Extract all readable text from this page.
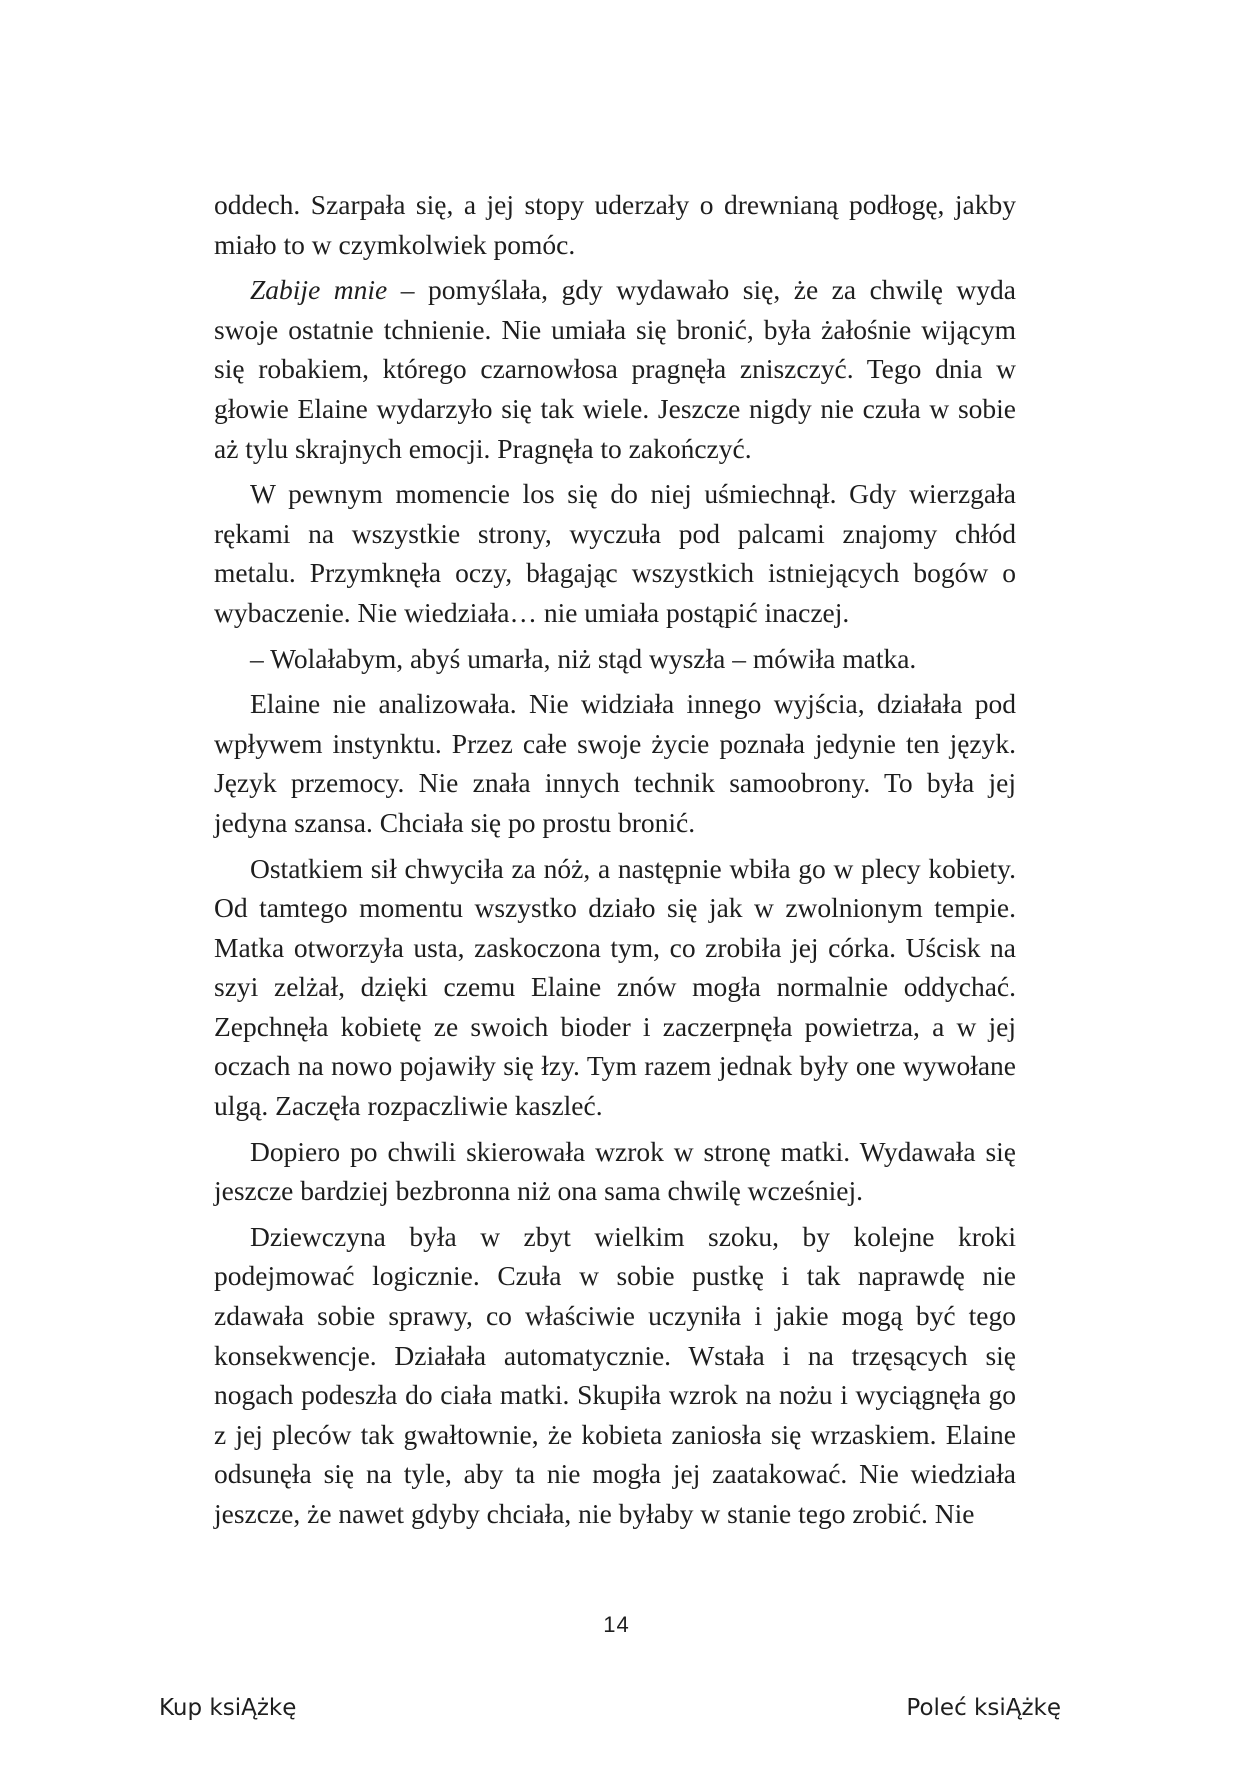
oddech. Szarpała się, a jej stopy uderzały o drewnianą podłogę, jakby miało to w czymkolwiek pomóc.

Zabije mnie – pomyślała, gdy wydawało się, że za chwilę wyda swoje ostatnie tchnienie. Nie umiała się bronić, była żałośnie wijącym się robakiem, którego czarnowłosa pragnęła zniszczyć. Tego dnia w głowie Elaine wydarzyło się tak wiele. Jeszcze nigdy nie czuła w sobie aż tylu skrajnych emocji. Pragnęła to zakończyć.

W pewnym momencie los się do niej uśmiechnął. Gdy wierzgała rękami na wszystkie strony, wyczuła pod palcami znajomy chłód metalu. Przymknęła oczy, błagając wszystkich istniejących bogów o wybaczenie. Nie wiedziała… nie umiała postąpić inaczej.

– Wolałabym, abyś umarła, niż stąd wyszła – mówiła matka.

Elaine nie analizowała. Nie widziała innego wyjścia, działała pod wpływem instynktu. Przez całe swoje życie poznała jedynie ten język. Język przemocy. Nie znała innych technik samoobrony. To była jej jedyna szansa. Chciała się po prostu bronić.

Ostatkiem sił chwyciła za nóż, a następnie wbiła go w plecy kobiety. Od tamtego momentu wszystko działo się jak w zwolnionym tempie. Matka otworzyła usta, zaskoczona tym, co zrobiła jej córka. Uścisk na szyi zelżał, dzięki czemu Elaine znów mogła normalnie oddychać. Zepchnęła kobietę ze swoich bioder i zaczerpnęła powietrza, a w jej oczach na nowo pojawiły się łzy. Tym razem jednak były one wywołane ulgą. Zaczęła rozpaczliwie kaszleć.

Dopiero po chwili skierowała wzrok w stronę matki. Wydawała się jeszcze bardziej bezbronna niż ona sama chwilę wcześniej.

Dziewczyna była w zbyt wielkim szoku, by kolejne kroki podejmować logicznie. Czuła w sobie pustkę i tak naprawdę nie zdawała sobie sprawy, co właściwie uczyniła i jakie mogą być tego konsekwencje. Działała automatycznie. Wstała i na trzęsących się nogach podeszła do ciała matki. Skupiła wzrok na nożu i wyciągnęła go z jej pleców tak gwałtownie, że kobieta zaniosła się wrzaskiem. Elaine odsunęła się na tyle, aby ta nie mogła jej zaatakować. Nie wiedziała jeszcze, że nawet gdyby chciała, nie byłaby w stanie tego zrobić. Nie

14
Kup ksiĄżkę	Poleć ksiĄżkę
